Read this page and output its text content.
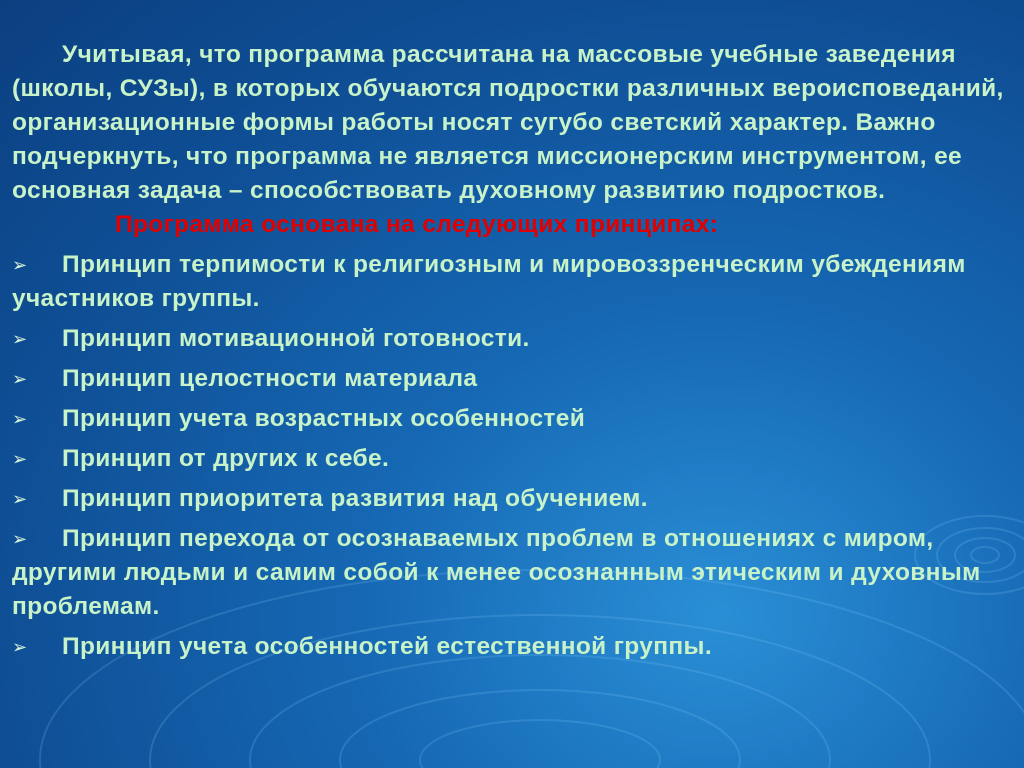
Учитывая, что программа рассчитана на массовые учебные заведения (школы, СУЗы), в которых обучаются подростки различных вероисповеданий, организационные формы работы носят сугубо светский характер. Важно подчеркнуть, что программа не является миссионерским инструментом, ее основная задача – способствовать духовному развитию подростков.

Программа основана на следующих принципах:

➢ Принцип терпимости к религиозным и мировоззренческим убеждениям участников группы.

➢ Принцип мотивационной готовности.

➢ Принцип целостности материала

➢ Принцип учета возрастных особенностей

➢ Принцип от других к себе.

➢ Принцип приоритета развития над обучением.

➢ Принцип перехода от осознаваемых проблем в отношениях с миром, другими людьми и самим собой к менее осознанным этическим и духовным проблемам.

➢ Принцип учета особенностей естественной группы.
